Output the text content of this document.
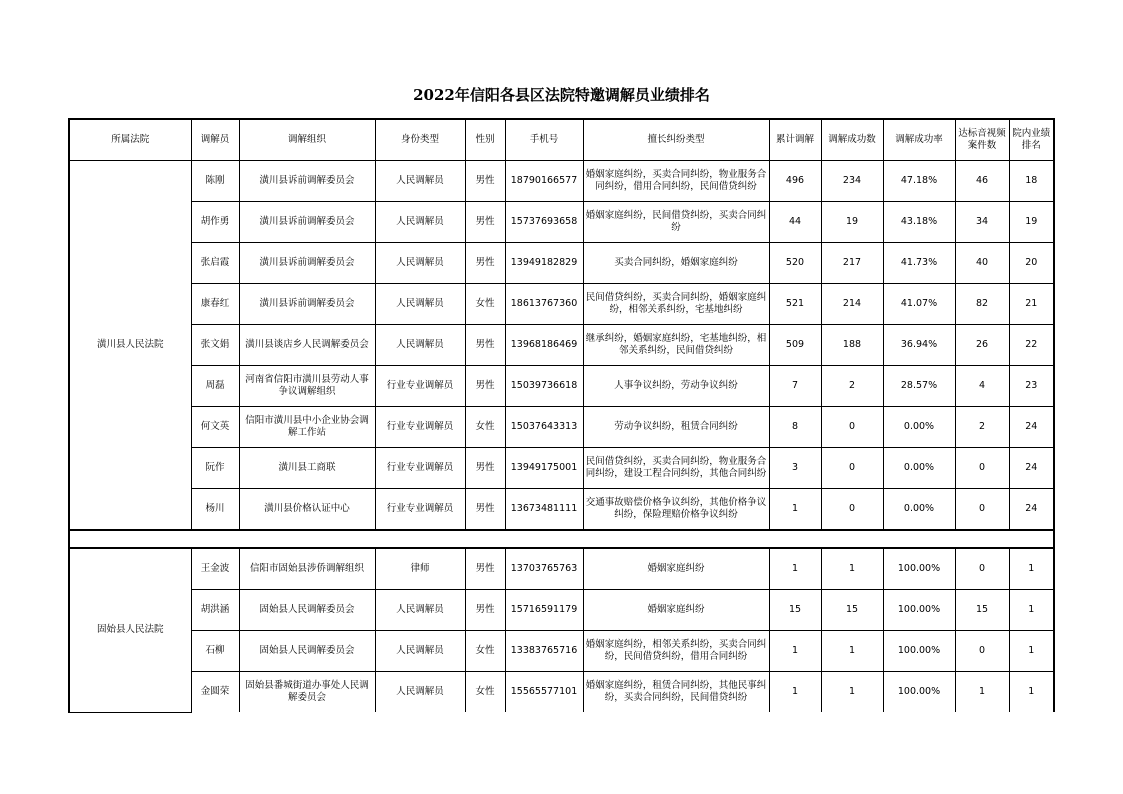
2022年信阳各县区法院特邀调解员业绩排名
所属法院	调解员	调解组织	身份类型	性别	手机号	擅长纠纷类型	累计调解	调解成功数	调解成功率	达标音视频案件数	院内业绩排名
潢川县人民法院	陈刚	潢川县诉前调解委员会	人民调解员	男性	18790166577	婚姻家庭纠纷，买卖合同纠纷，物业服务合同纠纷，借用合同纠纷，民间借贷纠纷	496	234	47.18%	46	18
	胡作勇	潢川县诉前调解委员会	人民调解员	男性	15737693658	婚姻家庭纠纷，民间借贷纠纷，买卖合同纠纷	44	19	43.18%	34	19
	张启霞	潢川县诉前调解委员会	人民调解员	男性	13949182829	买卖合同纠纷，婚姻家庭纠纷	520	217	41.73%	40	20
	康春红	潢川县诉前调解委员会	人民调解员	女性	18613767360	民间借贷纠纷，买卖合同纠纷，婚姻家庭纠纷，相邻关系纠纷，宅基地纠纷	521	214	41.07%	82	21
	张文娟	潢川县谈店乡人民调解委员会	人民调解员	男性	13968186469	继承纠纷，婚姻家庭纠纷，宅基地纠纷，相邻关系纠纷，民间借贷纠纷	509	188	36.94%	26	22
	周磊	河南省信阳市潢川县劳动人事争议调解组织	行业专业调解员	男性	15039736618	人事争议纠纷，劳动争议纠纷	7	2	28.57%	4	23
	何文英	信阳市潢川县中小企业协会调解工作站	行业专业调解员	女性	15037643313	劳动争议纠纷，租赁合同纠纷	8	0	0.00%	2	24
	阮作	潢川县工商联	行业专业调解员	男性	13949175001	民间借贷纠纷，买卖合同纠纷，物业服务合同纠纷，建设工程合同纠纷，其他合同纠纷	3	0	0.00%	0	24
	杨川	潢川县价格认证中心	行业专业调解员	男性	13673481111	交通事故赔偿价格争议纠纷，其他价格争议纠纷，保险理赔价格争议纠纷	1	0	0.00%	0	24

固始县人民法院	王金波	信阳市固始县涉侨调解组织	律师	男性	13703765763	婚姻家庭纠纷	1	1	100.00%	0	1
	胡洪涵	固始县人民调解委员会	人民调解员	男性	15716591179	婚姻家庭纠纷	15	15	100.00%	15	1
	石柳	固始县人民调解委员会	人民调解员	女性	13383765716	婚姻家庭纠纷，相邻关系纠纷，买卖合同纠纷，民间借贷纠纷，借用合同纠纷	1	1	100.00%	0	1
	金圆荣	固始县番城街道办事处人民调解委员会	人民调解员	女性	15565577101	婚姻家庭纠纷，租赁合同纠纷，其他民事纠纷，买卖合同纠纷，民间借贷纠纷	1	1	100.00%	1	1
